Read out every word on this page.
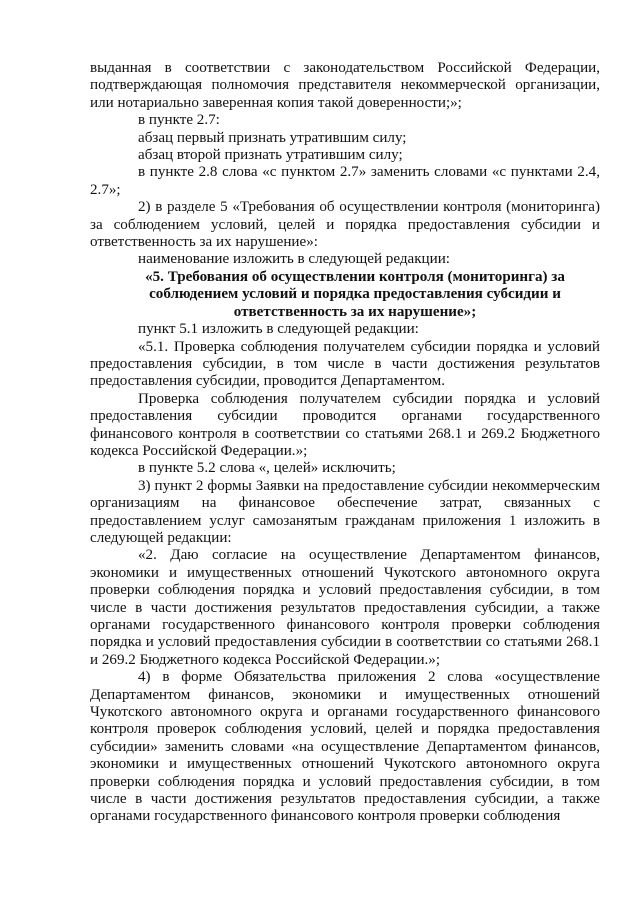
выданная в соответствии с законодательством Российской Федерации, подтверждающая полномочия представителя некоммерческой организации, или нотариально заверенная копия такой доверенности;»;

в пункте 2.7:

абзац первый признать утратившим силу;

абзац второй признать утратившим силу;

в пункте 2.8 слова «с пунктом 2.7» заменить словами «с пунктами 2.4, 2.7»;

2) в разделе 5 «Требования об осуществлении контроля (мониторинга) за соблюдением условий, целей и порядка предоставления субсидии и ответственность за их нарушение»:

наименование изложить в следующей редакции:

«5. Требования об осуществлении контроля (мониторинга) за
соблюдением условий и порядка предоставления субсидии и
ответственность за их нарушение»;

пункт 5.1 изложить в следующей редакции:

«5.1. Проверка соблюдения получателем субсидии порядка и условий предоставления субсидии, в том числе в части достижения результатов предоставления субсидии, проводится Департаментом.

Проверка соблюдения получателем субсидии порядка и условий предоставления субсидии проводится органами государственного финансового контроля в соответствии со статьями 268.1 и 269.2 Бюджетного кодекса Российской Федерации.»;

в пункте 5.2 слова «, целей» исключить;

3) пункт 2 формы Заявки на предоставление субсидии некоммерческим организациям на финансовое обеспечение затрат, связанных с предоставлением услуг самозанятым гражданам приложения 1 изложить в следующей редакции:

«2. Даю согласие на осуществление Департаментом финансов, экономики и имущественных отношений Чукотского автономного округа проверки соблюдения порядка и условий предоставления субсидии, в том числе в части достижения результатов предоставления субсидии, а также органами государственного финансового контроля проверки соблюдения порядка и условий предоставления субсидии в соответствии со статьями 268.1 и 269.2 Бюджетного кодекса Российской Федерации.»;

4) в форме Обязательства приложения 2 слова «осуществление Департаментом финансов, экономики и имущественных отношений Чукотского автономного округа и органами государственного финансового контроля проверок соблюдения условий, целей и порядка предоставления субсидии» заменить словами «на осуществление Департаментом финансов, экономики и имущественных отношений Чукотского автономного округа проверки соблюдения порядка и условий предоставления субсидии, в том числе в части достижения результатов предоставления субсидии, а также органами государственного финансового контроля проверки соблюдения
